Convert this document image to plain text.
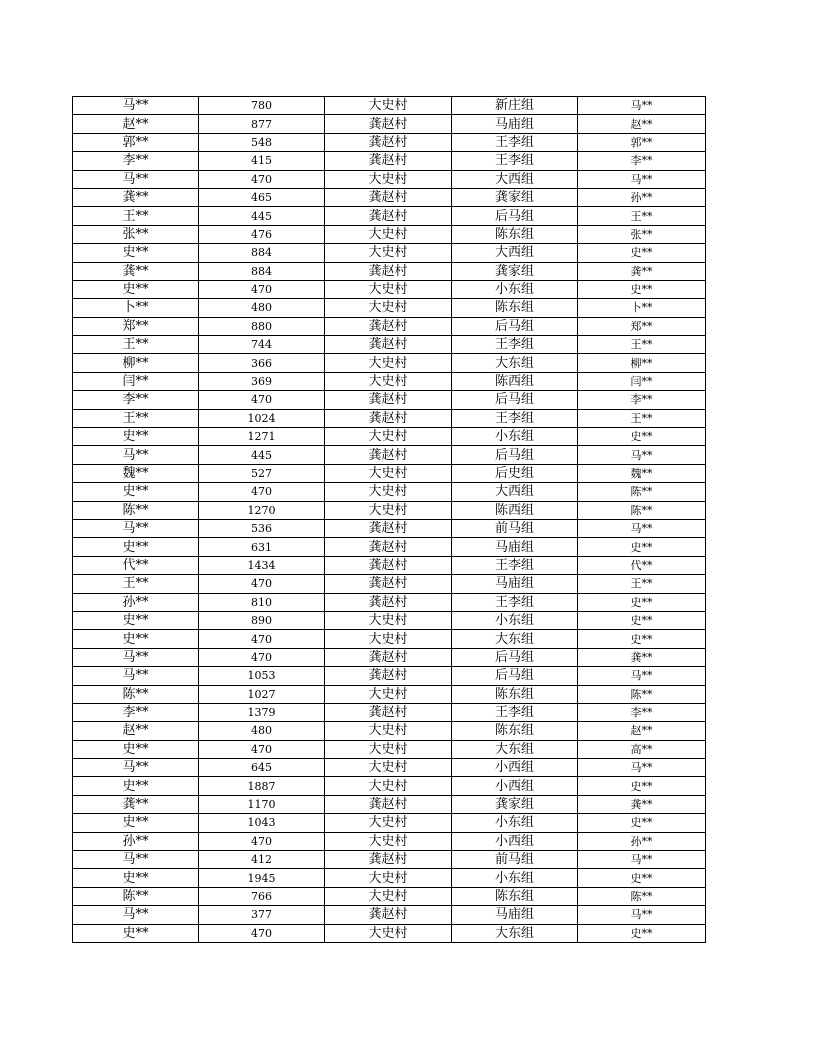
马**	780	大史村	新庄组	马**
赵**	877	龚赵村	马庙组	赵**
郭**	548	龚赵村	王李组	郭**
李**	415	龚赵村	王李组	李**
马**	470	大史村	大西组	马**
龚**	465	龚赵村	龚家组	孙**
王**	445	龚赵村	后马组	王**
张**	476	大史村	陈东组	张**
史**	884	大史村	大西组	史**
龚**	884	龚赵村	龚家组	龚**
史**	470	大史村	小东组	史**
卜**	480	大史村	陈东组	卜**
郑**	880	龚赵村	后马组	郑**
王**	744	龚赵村	王李组	王**
柳**	366	大史村	大东组	柳**
闫**	369	大史村	陈西组	闫**
李**	470	龚赵村	后马组	李**
王**	1024	龚赵村	王李组	王**
史**	1271	大史村	小东组	史**
马**	445	龚赵村	后马组	马**
魏**	527	大史村	后史组	魏**
史**	470	大史村	大西组	陈**
陈**	1270	大史村	陈西组	陈**
马**	536	龚赵村	前马组	马**
史**	631	龚赵村	马庙组	史**
代**	1434	龚赵村	王李组	代**
王**	470	龚赵村	马庙组	王**
孙**	810	龚赵村	王李组	史**
史**	890	大史村	小东组	史**
史**	470	大史村	大东组	史**
马**	470	龚赵村	后马组	龚**
马**	1053	龚赵村	后马组	马**
陈**	1027	大史村	陈东组	陈**
李**	1379	龚赵村	王李组	李**
赵**	480	大史村	陈东组	赵**
史**	470	大史村	大东组	高**
马**	645	大史村	小西组	马**
史**	1887	大史村	小西组	史**
龚**	1170	龚赵村	龚家组	龚**
史**	1043	大史村	小东组	史**
孙**	470	大史村	小西组	孙**
马**	412	龚赵村	前马组	马**
史**	1945	大史村	小东组	史**
陈**	766	大史村	陈东组	陈**
马**	377	龚赵村	马庙组	马**
史**	470	大史村	大东组	史**
